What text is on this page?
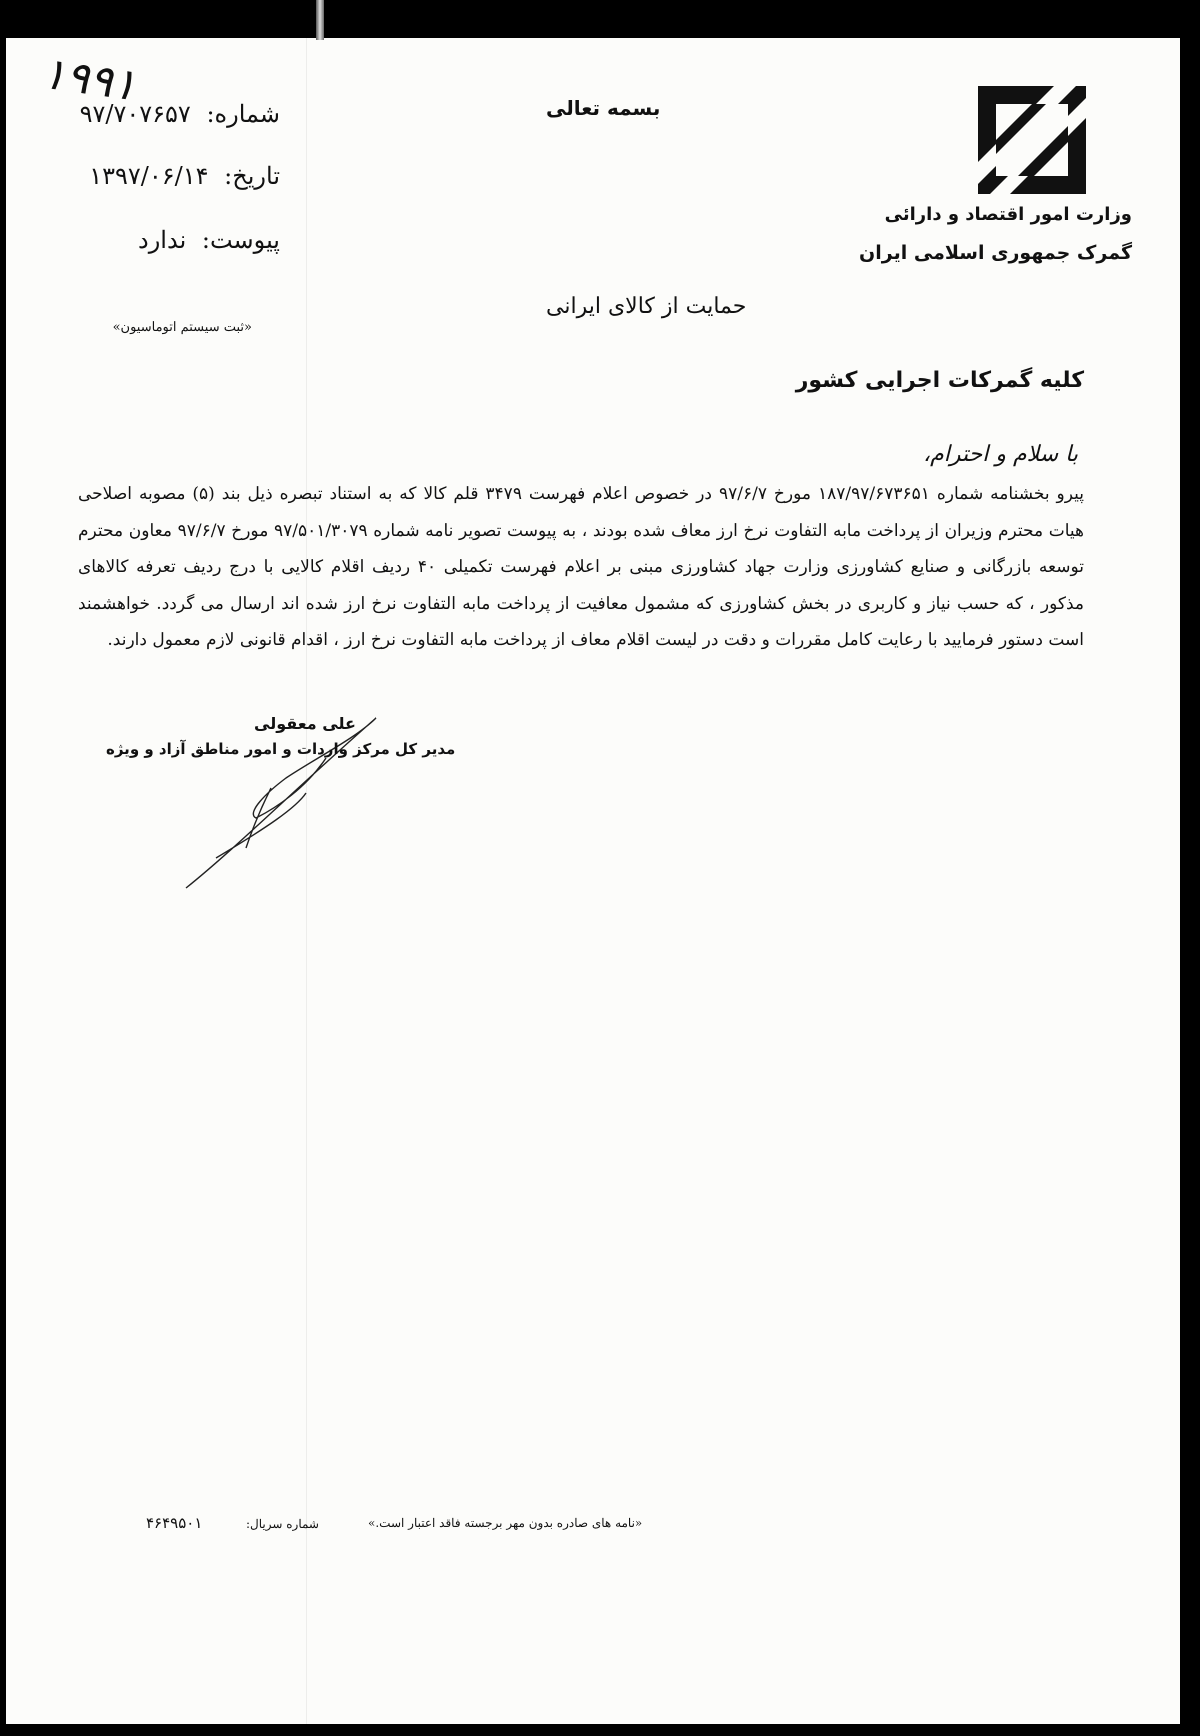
۱۹۹۱
شماره: ۹۷/۷۰۷۶۵۷
تاریخ: ۱۳۹۷/۰۶/۱۴
پیوست: ندارد
«ثبت سیستم اتوماسیون»
بسمه تعالی
وزارت امور اقتصاد و دارائی
گمرک جمهوری اسلامی ایران
حمایت از کالای ایرانی
کلیه گمرکات اجرایی کشور
با سلام و احترام،
پیرو بخشنامه شماره ۱۸۷/۹۷/۶۷۳۶۵۱ مورخ ۹۷/۶/۷ در خصوص اعلام فهرست ۳۴۷۹ قلم کالا که به استناد تبصره ذیل بند (۵) مصوبه اصلاحی هیات محترم وزیران از پرداخت مابه التفاوت نرخ ارز معاف شده بودند ، به پیوست تصویر نامه شماره ۹۷/۵۰۱/۳۰۷۹ مورخ ۹۷/۶/۷ معاون محترم توسعه بازرگانی و صنایع کشاورزی وزارت جهاد کشاورزی مبنی بر اعلام فهرست تکمیلی ۴۰ ردیف اقلام کالایی با درج ردیف تعرفه کالاهای مذکور ، که حسب نیاز و کاربری در بخش کشاورزی که مشمول معافیت از پرداخت مابه التفاوت نرخ ارز شده اند ارسال می گردد. خواهشمند است دستور فرمایید با رعایت کامل مقررات و دقت در لیست اقلام معاف از پرداخت مابه التفاوت نرخ ارز ، اقدام قانونی لازم معمول دارند.
علی معقولی
مدیر کل مرکز واردات و امور مناطق آزاد و ویژه
«نامه های صادره بدون مهر برجسته فاقد اعتبار است.»
شماره سریال:
۴۶۴۹۵۰۱
